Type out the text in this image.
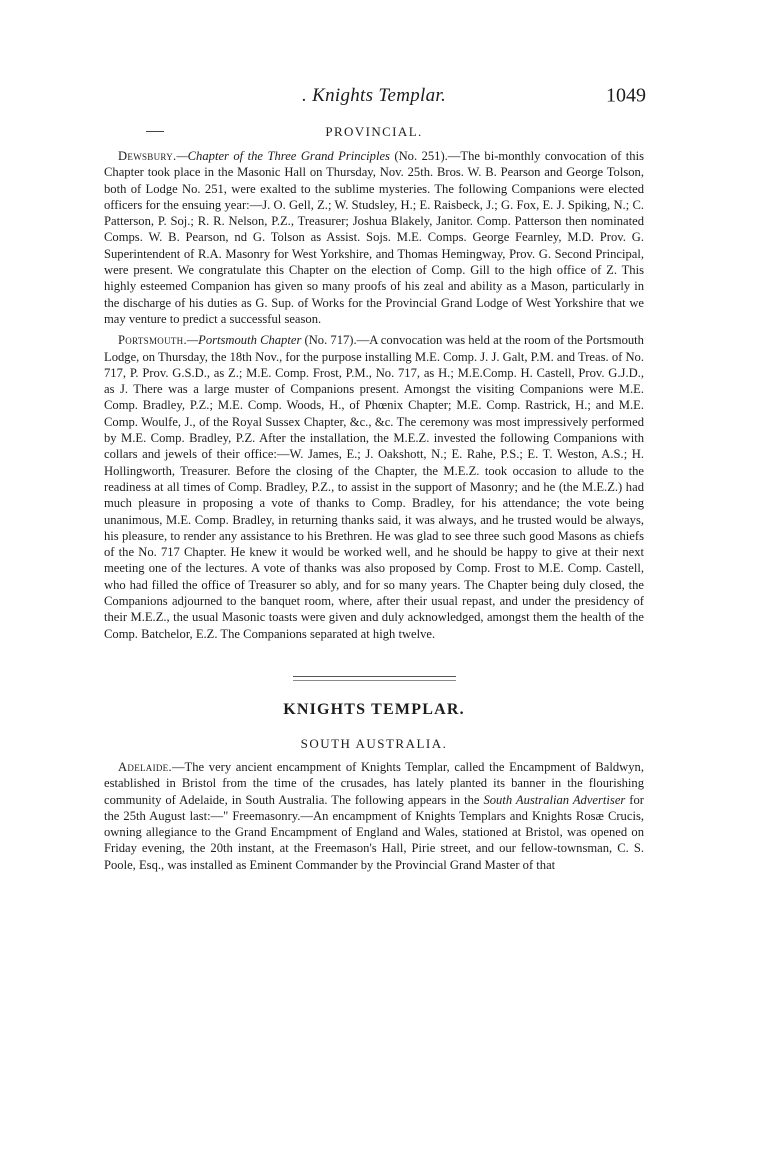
. Knights Templar.	1049
PROVINCIAL.

Dewsbury.—Chapter of the Three Grand Principles (No. 251).—The bi-monthly convocation of this Chapter took place in the Masonic Hall on Thursday, Nov. 25th. Bros. W. B. Pearson and George Tolson, both of Lodge No. 251, were exalted to the sublime mysteries. The following Companions were elected officers for the ensuing year:—J. O. Gell, Z.; W. Studsley, H.; E. Raisbeck, J.; G. Fox, E. J. Spiking, N.; C. Patterson, P. Soj.; R. R. Nelson, P.Z., Treasurer; Joshua Blakely, Janitor. Comp. Patterson then nominated Comps. W. B. Pearson, nd G. Tolson as Assist. Sojs. M.E. Comps. George Fearnley, M.D. Prov. G. Superintendent of R.A. Masonry for West Yorkshire, and Thomas Hemingway, Prov. G. Second Principal, were present. We congratulate this Chapter on the election of Comp. Gill to the high office of Z. This highly esteemed Companion has given so many proofs of his zeal and ability as a Mason, particularly in the discharge of his duties as G. Sup. of Works for the Provincial Grand Lodge of West Yorkshire that we may venture to predict a successful season.

Portsmouth.—Portsmouth Chapter (No. 717).—A convocation was held at the room of the Portsmouth Lodge, on Thursday, the 18th Nov., for the purpose installing M.E. Comp. J. J. Galt, P.M. and Treas. of No. 717, P. Prov. G.S.D., as Z.; M.E. Comp. Frost, P.M., No. 717, as H.; M.E.Comp. H. Castell, Prov. G.J.D., as J. There was a large muster of Companions present. Amongst the visiting Companions were M.E. Comp. Bradley, P.Z.; M.E. Comp. Woods, H., of Phœnix Chapter; M.E. Comp. Rastrick, H.; and M.E. Comp. Woulfe, J., of the Royal Sussex Chapter, &c., &c. The ceremony was most impressively performed by M.E. Comp. Bradley, P.Z. After the installation, the M.E.Z. invested the following Companions with collars and jewels of their office:—W. James, E.; J. Oakshott, N.; E. Rahe, P.S.; E. T. Weston, A.S.; H. Hollingworth, Treasurer. Before the closing of the Chapter, the M.E.Z. took occasion to allude to the readiness at all times of Comp. Bradley, P.Z., to assist in the support of Masonry; and he (the M.E.Z.) had much pleasure in proposing a vote of thanks to Comp. Bradley, for his attendance; the vote being unanimous, M.E. Comp. Bradley, in returning thanks said, it was always, and he trusted would be always, his pleasure, to render any assistance to his Brethren. He was glad to see three such good Masons as chiefs of the No. 717 Chapter. He knew it would be worked well, and he should be happy to give at their next meeting one of the lectures. A vote of thanks was also proposed by Comp. Frost to M.E. Comp. Castell, who had filled the office of Treasurer so ably, and for so many years. The Chapter being duly closed, the Companions adjourned to the banquet room, where, after their usual repast, and under the presidency of their M.E.Z., the usual Masonic toasts were given and duly acknowledged, amongst them the health of the Comp. Batchelor, E.Z. The Companions separated at high twelve.

KNIGHTS TEMPLAR.
SOUTH AUSTRALIA.

Adelaide.—The very ancient encampment of Knights Templar, called the Encampment of Baldwyn, established in Bristol from the time of the crusades, has lately planted its banner in the flourishing community of Adelaide, in South Australia. The following appears in the South Australian Advertiser for the 25th August last:—" Freemasonry.—An encampment of Knights Templars and Knights Rosæ Crucis, owning allegiance to the Grand Encampment of England and Wales, stationed at Bristol, was opened on Friday evening, the 20th instant, at the Freemason's Hall, Pirie street, and our fellow-townsman, C. S. Poole, Esq., was installed as Eminent Commander by the Provincial Grand Master of that
